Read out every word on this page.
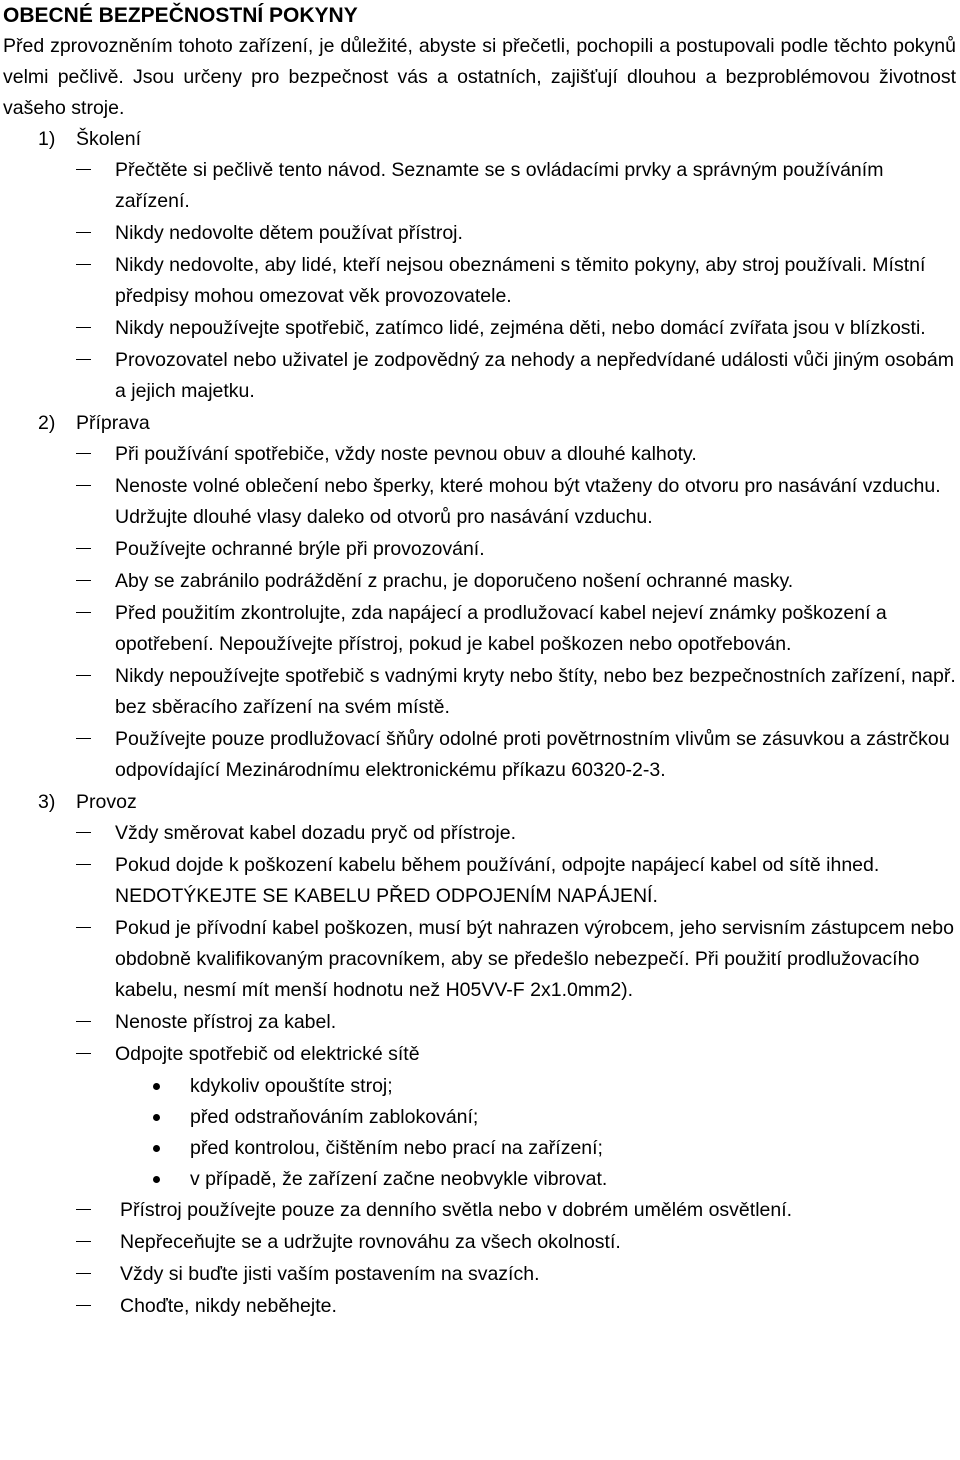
OBECNÉ BEZPEČNOSTNÍ POKYNY
Před zprovozněním tohoto zařízení, je důležité, abyste si přečetli, pochopili a postupovali podle těchto pokynů velmi pečlivě. Jsou určeny pro bezpečnost vás a ostatních, zajišťují dlouhou a bezproblémovou životnost vašeho stroje.
1)	Školení
Přečtěte si pečlivě tento návod. Seznamte se s ovládacími prvky a správným používáním zařízení.
Nikdy nedovolte dětem používat přístroj.
Nikdy nedovolte, aby lidé, kteří nejsou obeznámeni s těmito pokyny, aby stroj používali. Místní předpisy mohou omezovat věk provozovatele.
Nikdy nepoužívejte spotřebič, zatímco lidé, zejména děti, nebo domácí zvířata jsou v blízkosti.
Provozovatel nebo uživatel je zodpovědný za nehody a nepředvídané události vůči jiným osobám a jejich majetku.
2)	Příprava
Při používání spotřebiče, vždy noste pevnou obuv a dlouhé kalhoty.
Nenoste volné oblečení nebo šperky, které mohou být vtaženy do otvoru pro nasávání vzduchu. Udržujte dlouhé vlasy daleko od otvorů pro nasávání vzduchu.
Používejte ochranné brýle při provozování.
Aby se zabránilo podráždění z prachu, je doporučeno nošení ochranné masky.
Před použitím zkontrolujte, zda napájecí a prodlužovací kabel nejeví známky poškození a opotřebení. Nepoužívejte přístroj, pokud je kabel poškozen nebo opotřebován.
Nikdy nepoužívejte spotřebič s vadnými kryty nebo štíty, nebo bez bezpečnostních zařízení, např. bez sběracího zařízení na svém místě.
Používejte pouze prodlužovací šňůry odolné proti povětrnostním vlivům se zásuvkou a zástrčkou odpovídající Mezinárodnímu elektronickému příkazu 60320-2-3.
3)	Provoz
Vždy směrovat kabel dozadu pryč od přístroje.
Pokud dojde k poškození kabelu během používání, odpojte napájecí kabel od sítě ihned. NEDOTÝKEJTE SE KABELU PŘED ODPOJENÍM NAPÁJENÍ.
Pokud je přívodní kabel poškozen, musí být nahrazen výrobcem, jeho servisním zástupcem nebo obdobně kvalifikovaným pracovníkem, aby se předešlo nebezpečí. Při použití prodlužovacího kabelu, nesmí mít menší hodnotu než H05VV-F 2x1.0mm2).
Nenoste přístroj za kabel.
Odpojte spotřebič od elektrické sítě
kdykoliv opouštíte stroj;
před odstraňováním zablokování;
před kontrolou, čištěním nebo prací na zařízení;
v případě, že zařízení začne neobvykle vibrovat.
Přístroj používejte pouze za denního světla nebo v dobrém umělém osvětlení.
Nepřeceňujte se a udržujte rovnováhu za všech okolností.
Vždy si buďte jisti vaším postavením na svazích.
Choďte, nikdy neběhejte.
